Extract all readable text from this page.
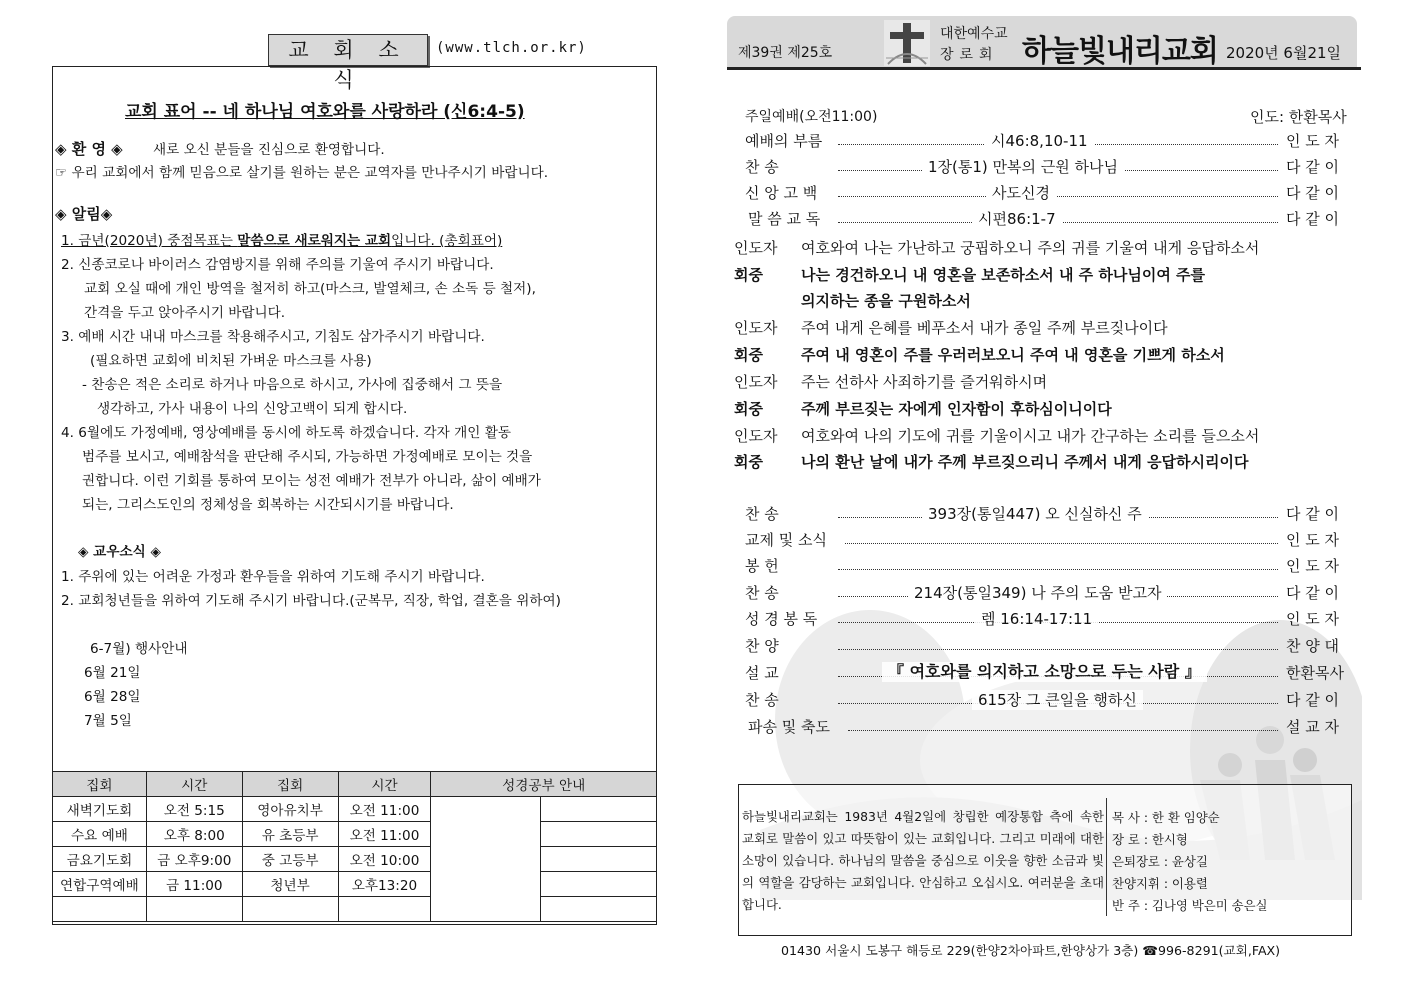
교 회 소 식
(www.tlch.or.kr)
교회 표어 -- 네 하나님 여호와를 사랑하라 (신6:4-5)
◈ 환 영 ◈ 새로 오신 분들을 진심으로 환영합니다.
☞ 우리 교회에서 함께 믿음으로 살기를 원하는 분은 교역자를 만나주시기 바랍니다.
◈ 알림◈
1. 금년(2020년) 중점목표는 말씀으로 새로워지는 교회입니다. (총회표어)
2. 신종코로나 바이러스 감염방지를 위해 주의를 기울여 주시기 바랍니다.
교회 오실 때에 개인 방역을 철저히 하고(마스크, 발열체크, 손 소독 등 철저),
간격을 두고 앉아주시기 바랍니다.
3. 예배 시간 내내 마스크를 착용해주시고, 기침도 삼가주시기 바랍니다.
(필요하면 교회에 비치된 가벼운 마스크를 사용)
- 찬송은 적은 소리로 하거나 마음으로 하시고, 가사에 집중해서 그 뜻을
생각하고, 가사 내용이 나의 신앙고백이 되게 합시다.
4. 6월에도 가정예배, 영상예배를 동시에 하도록 하겠습니다. 각자 개인 활동
범주를 보시고, 예배참석을 판단해 주시되, 가능하면 가정예배로 모이는 것을
권합니다. 이런 기회를 통하여 모이는 성전 예배가 전부가 아니라, 삶이 예배가
되는, 그리스도인의 정체성을 회복하는 시간되시기를 바랍니다.
◈ 교우소식 ◈
1. 주위에 있는 어려운 가정과 환우들을 위하여 기도해 주시기 바랍니다.
2. 교회청년들을 위하여 기도해 주시기 바랍니다.(군복무, 직장, 학업, 결혼을 위하여)
6-7월) 행사안내
6월 21일
6월 28일
7월 5일
집회	시간	집회	시간	성경공부 안내	
새벽기도회	오전 5:15	영아유치부	오전 11:00		
수요 예배	오후 8:00	유 초등부	오전 11:00		
금요기도회	금 오후9:00	중 고등부	오전 10:00		
연합구역예배	금 11:00	청년부	오후13:20		

제39권 제25호
대한예수교
장로회 하늘빛내리교회 2020년 6월21일
주일예배(오전11:00)	인도: 한환목사
예배의 부름	시46:8,10-11	인 도 자
찬 송	1장(통1) 만복의 근원 하나님	다 같 이
신 앙 고 백	사도신경	다 같 이
말 씀 교 독	시편86:1-7	다 같 이
인도자 여호와여 나는 가난하고 궁핍하오니 주의 귀를 기울여 내게 응답하소서
회중	나는 경건하오니 내 영혼을 보존하소서 내 주 하나님이여 주를
의지하는 종을 구원하소서
인도자 주여 내게 은혜를 베푸소서 내가 종일 주께 부르짖나이다
회중	주여 내 영혼이 주를 우러러보오니 주여 내 영혼을 기쁘게 하소서
인도자 주는 선하사 사죄하기를 즐거워하시며
회중	주께 부르짖는 자에게 인자함이 후하심이니이다
인도자 여호와여 나의 기도에 귀를 기울이시고 내가 간구하는 소리를 들으소서
회중	나의 환난 날에 내가 주께 부르짖으리니 주께서 내게 응답하시리이다
찬 송	393장(통일447) 오 신실하신 주	다 같 이
교제 및 소식	인 도 자
봉 헌	인 도 자
찬 송	214장(통일349) 나 주의 도움 받고자	다 같 이
성 경 봉 독	렘 16:14-17:11	인 도 자
찬 양	찬 양 대
설 교	『 여호와를 의지하고 소망으로 두는 사람 』	한환목사
찬 송	615장 그 큰일을 행하신	다 같 이
파송 및 축도	설 교 자
하늘빛내리교회는 1983년 4월2일에 창립한 예장통합 측에 속한 교회로 말씀이 있고 따뜻함이 있는 교회입니다. 그리고 미래에 대한 소망이 있습니다. 하나님의 말씀을 중심으로 이웃을 향한 소금과 빛의 역할을 감당하는 교회입니다. 안심하고 오십시오. 여러분을 초대합니다.
목 사 : 한 환 임양순
장 로 : 한시형
은퇴장로 : 윤상길
찬양지휘 : 이용렬
반 주 : 김나영 박은미 송은실
01430 서울시 도봉구 해등로 229(한양2차아파트,한양상가 3층) ☎996-8291(교회,FAX)
